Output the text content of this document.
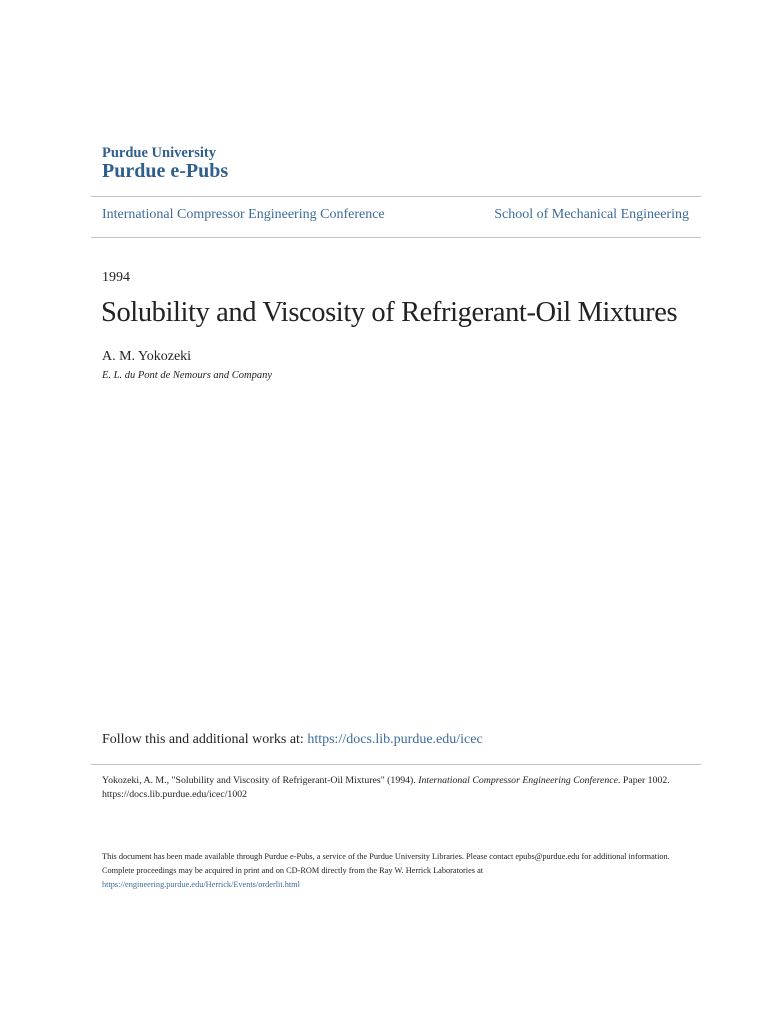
Purdue University
Purdue e-Pubs
International Compressor Engineering Conference	School of Mechanical Engineering
1994
Solubility and Viscosity of Refrigerant-Oil Mixtures
A. M. Yokozeki
E. L. du Pont de Nemours and Company
Follow this and additional works at: https://docs.lib.purdue.edu/icec
Yokozeki, A. M., "Solubility and Viscosity of Refrigerant-Oil Mixtures" (1994). International Compressor Engineering Conference. Paper 1002.
https://docs.lib.purdue.edu/icec/1002
This document has been made available through Purdue e-Pubs, a service of the Purdue University Libraries. Please contact epubs@purdue.edu for additional information.
Complete proceedings may be acquired in print and on CD-ROM directly from the Ray W. Herrick Laboratories at https://engineering.purdue.edu/Herrick/Events/orderlit.html
